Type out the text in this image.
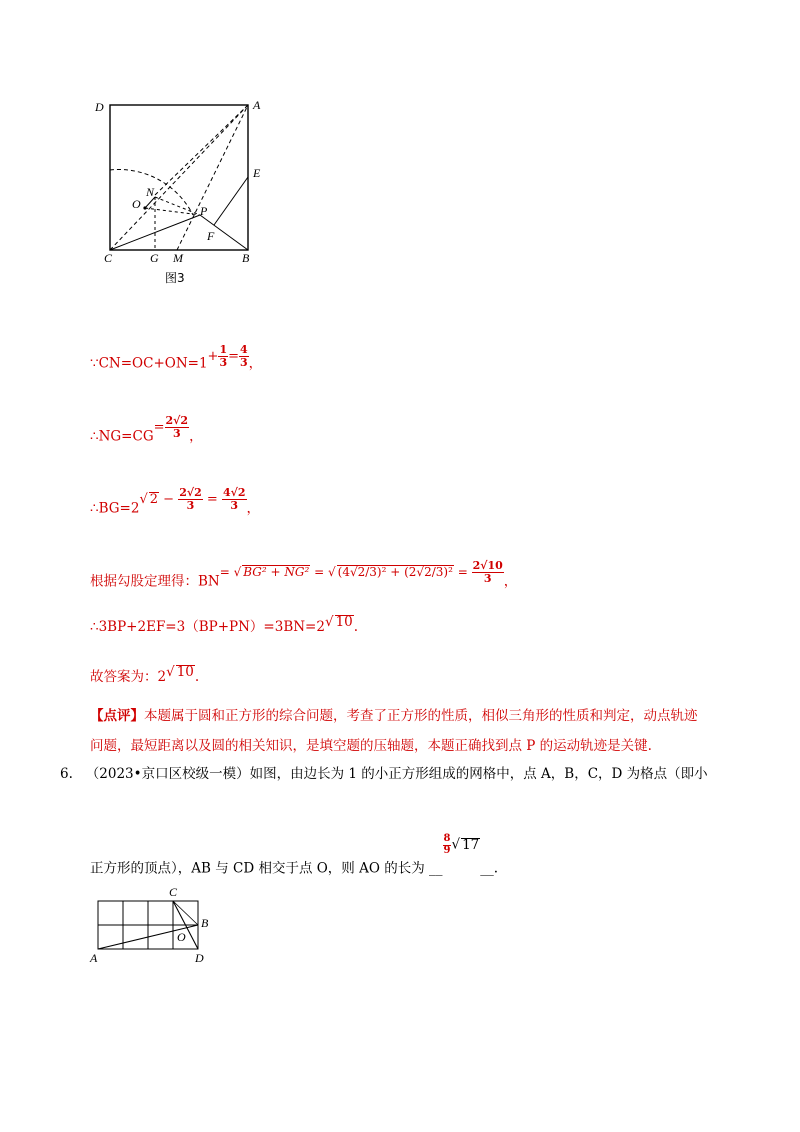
D	A
E
N
O	P
C	G M
F
B
图3
∵CN=OC+ON=1+ $\frac{1}{3} = \frac{4}{3}$ ，
∴NG=CG= $\frac{2√2}{3}$ ，
∴BG=2√ $2 - \frac{2√2}{3} = \frac{4√2}{3}$ ，
根据勾股定理得：BN= √ BG² + NG² = √ $(4√2/3)^2 + (2√2/3)^2 = \frac{2√10}{3}$ ，
∴3BP+2EF=3（BP+PN）=3BN=2√ 10.
故答案为：2√ 10.
【点评】本题属于圆和正方形的综合问题，考查了正方形的性质，相似三角形的性质和判定，动点轨迹
问题，最短距离以及圆的相关知识，是填空题的压轴题，本题正确找到点 P 的运动轨迹是关键.
6. （2023•京口区校级一模）如图，由边长为 1 的小正方形组成的网格中，点 A，B，C，D 为格点（即小
正方形的顶点），AB 与 CD 相交于点 O，则 AO 的长为 __
$\frac{8}{9}$ √ 17__.
C
B
O
A	D
